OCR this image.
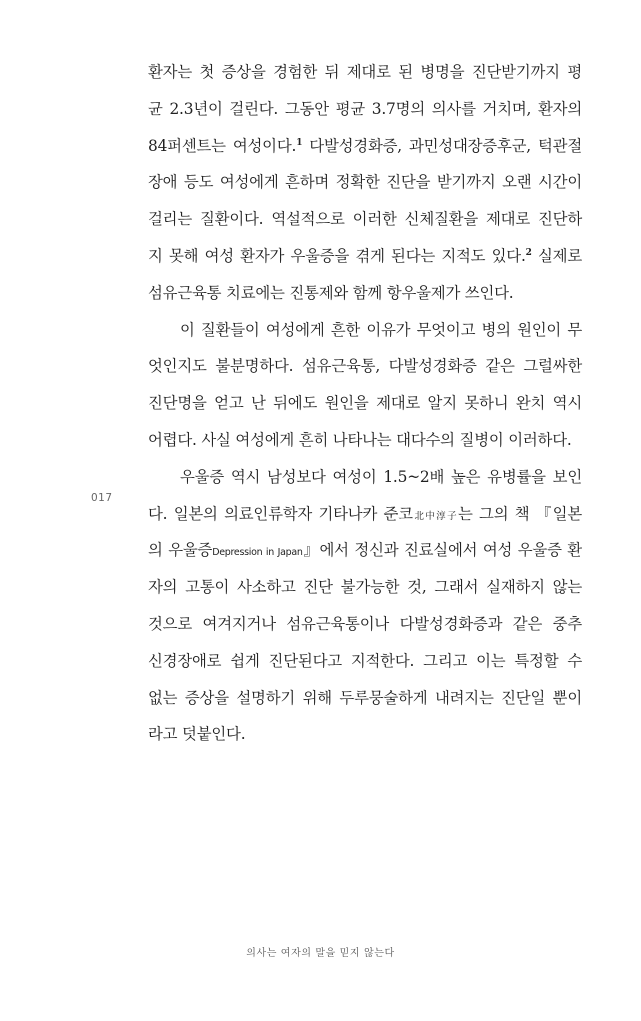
환자는 첫 증상을 경험한 뒤 제대로 된 병명을 진단받기까지 평
균 2.3년이 걸린다. 그동안 평균 3.7명의 의사를 거치며, 환자의
84퍼센트는 여성이다.$^1$ 다발성경화증, 과민성대장증후군, 턱관절
장애 등도 여성에게 흔하며 정확한 진단을 받기까지 오랜 시간이
걸리는 질환이다. 역설적으로 이러한 신체질환을 제대로 진단하
지 못해 여성 환자가 우울증을 겪게 된다는 지적도 있다.$^2$ 실제로
섬유근육통 치료에는 진통제와 함께 항우울제가 쓰인다.
이 질환들이 여성에게 흔한 이유가 무엇이고 병의 원인이 무
엇인지도 불분명하다. 섬유근육통, 다발성경화증 같은 그럴싸한
진단명을 얻고 난 뒤에도 원인을 제대로 알지 못하니 완치 역시
어렵다. 사실 여성에게 흔히 나타나는 대다수의 질병이 이러하다.
우울증 역시 남성보다 여성이 1.5~2배 높은 유병률을 보인
다. 일본의 의료인류학자 기타나카 준코北中淳子는 그의 책 『일본
의 우울증Depression in Japan』에서 정신과 진료실에서 여성 우울증 환
자의 고통이 사소하고 진단 불가능한 것, 그래서 실재하지 않는
것으로 여겨지거나 섬유근육통이나 다발성경화증과 같은 중추
신경장애로 쉽게 진단된다고 지적한다. 그리고 이는 특정할 수
없는 증상을 설명하기 위해 두루뭉술하게 내려지는 진단일 뿐이
라고 덧붙인다.
017
의사는 여자의 말을 믿지 않는다
